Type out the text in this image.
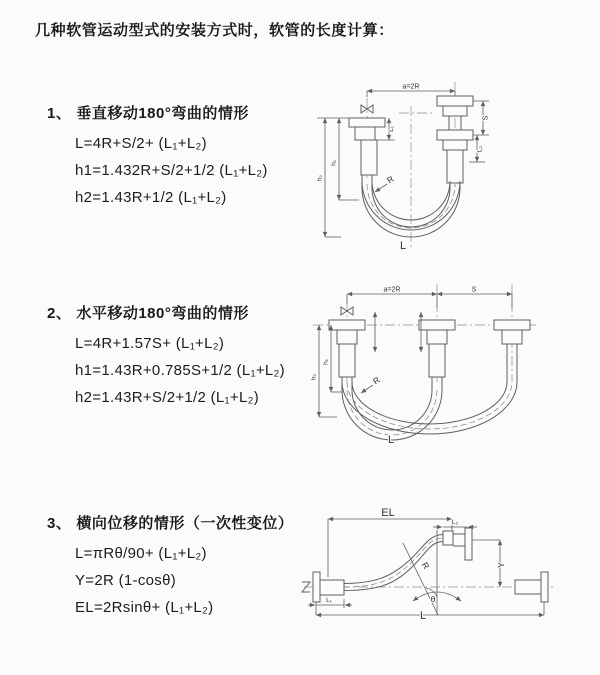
几种软管运动型式的安装方式时，软管的长度计算：
1、 垂直移动180°弯曲的情形
L=4R+S/2+ (L₁+L₂)
h1=1.432R+S/2+1/2 (L₁+L₂)
h2=1.43R+1/2 (L₁+L₂)
2、 水平移动180°弯曲的情形
L=4R+1.57S+ (L₁+L₂)
h1=1.43R+0.785S+1/2 (L₁+L₂)
h2=1.43R+S/2+1/2 (L₁+L₂)
3、 横向位移的情形（一次性变位）
L=πRθ/90+ (L₁+L₂)
Y=2R (1-cosθ)
EL=2Rsinθ+ (L₁+L₂)
a=2R
L₁
S
L₂
h₂
h₁
R
L
a=2R	S
h₂
h₁
R
L
EL
L₂
Y
R
θ
L₁
L
